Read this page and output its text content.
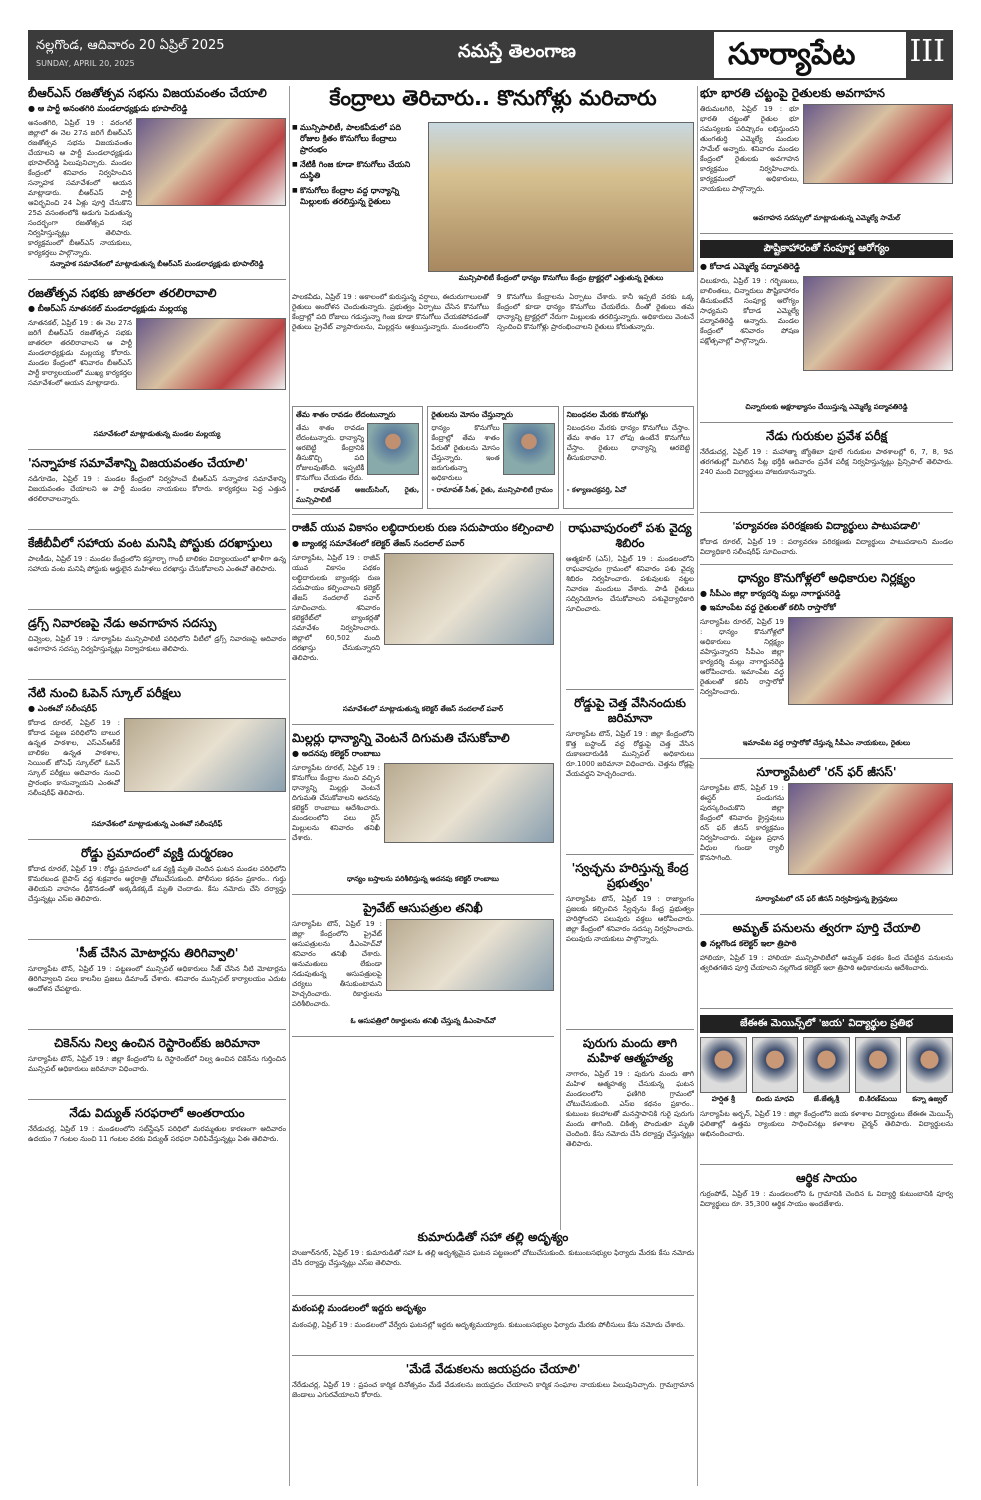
నల్లగొండ, ఆదివారం 20 ఏప్రిల్ 2025
SUNDAY, APRIL 20, 2025
నమస్తే తెలంగాణ	సూర్యాపేట III
బీఆర్ఎస్ రజతోత్సవ సభను విజయవంతం చేయాలి
● ఆ పార్టీ అనంతగిరి మండలాధ్యక్షుడు భూపాల్‌రెడ్డి
అనంతగిరి, ఏప్రిల్ 19 : వరంగల్ జిల్లాలో ఈ నెల 27న జరిగే బీఆర్ఎస్ రజతోత్సవ సభను విజయవంతం చేయాలని ఆ పార్టీ మండలాధ్యక్షుడు భూపాల్‌రెడ్డి పిలుపునిచ్చారు. మండల కేంద్రంలో శనివారం నిర్వహించిన సన్నాహక సమావేశంలో ఆయన మాట్లాడారు. బీఆర్ఎస్ పార్టీ ఆవిర్భవించి 24 ఏళ్లు పూర్తి చేసుకొని 25వ వసంతంలోకి అడుగు పెడుతున్న సందర్భంగా రజతోత్సవ సభ నిర్వహిస్తున్నట్లు తెలిపారు. కార్యక్రమంలో బీఆర్ఎస్ నాయకులు, కార్యకర్తలు పాల్గొన్నారు.
సన్నాహక సమావేశంలో మాట్లాడుతున్న బీఆర్ఎస్ మండలాధ్యక్షుడు భూపాల్‌రెడ్డి
రజతోత్సవ సభకు జాతరలా తరలిరావాలి
● బీఆర్ఎస్ నూతనకల్ మండలాధ్యక్షుడు మల్లయ్య
నూతనకల్, ఏప్రిల్ 19 : ఈ నెల 27న జరిగే బీఆర్ఎస్ రజతోత్సవ సభకు జాతరలా తరలిరావాలని ఆ పార్టీ మండలాధ్యక్షుడు మల్లయ్య కోరారు. మండల కేంద్రంలో శనివారం బీఆర్ఎస్ పార్టీ కార్యాలయంలో ముఖ్య కార్యకర్తల సమావేశంలో ఆయన మాట్లాడారు.
సమావేశంలో మాట్లాడుతున్న మండల మల్లయ్య
'సన్నాహక సమావేశాన్ని విజయవంతం చేయాలి'
నడిగూడెం, ఏప్రిల్ 19 : మండల కేంద్రంలో నిర్వహించే బీఆర్ఎస్ సన్నాహక సమావేశాన్ని విజయవంతం చేయాలని ఆ పార్టీ మండల నాయకులు కోరారు. కార్యకర్తలు పెద్ద ఎత్తున తరలిరావాలన్నారు.
కేజీబీవీలో సహాయ వంట మనిషి పోస్టుకు దరఖాస్తులు
పాలకీడు, ఏప్రిల్ 19 : మండల కేంద్రంలోని కస్తూర్బా గాంధీ బాలికల విద్యాలయంలో ఖాళీగా ఉన్న సహాయ వంట మనిషి పోస్టుకు అర్హులైన మహిళలు దరఖాస్తు చేసుకోవాలని ఎంఈవో తెలిపారు.
డ్రగ్స్ నివారణపై నేడు అవగాహన సదస్సు
చివ్వెంల, ఏప్రిల్ 19 : సూర్యాపేట మున్సిపాలిటీ పరిధిలోని వీటీలో డ్రగ్స్ నివారణపై ఆదివారం అవగాహన సదస్సు నిర్వహిస్తున్నట్లు నిర్వాహకులు తెలిపారు.
నేటి నుంచి ఓపెన్ స్కూల్ పరీక్షలు
● ఎంఈవో సలీంషరీఫ్
కోదాడ రూరల్, ఏప్రిల్ 19 : కోదాడ పట్టణ పరిధిలోని బాలుర ఉన్నత పాఠశాల, ఎస్ఎన్ఆర్‌కే బాలికల ఉన్నత పాఠశాల, సెయింట్ జోసెఫ్ స్కూల్‌లో ఓపెన్ స్కూల్ పరీక్షలు ఆదివారం నుంచి ప్రారంభం కానున్నాయని ఎంఈవో సలీంషరీఫ్ తెలిపారు.
సమావేశంలో మాట్లాడుతున్న ఎంఈవో సలీంషరీఫ్
రోడ్డు ప్రమాదంలో వ్యక్తి దుర్మరణం
కోదాడ రూరల్, ఏప్రిల్ 19 : రోడ్డు ప్రమాదంలో ఒక వ్యక్తి మృతి చెందిన ఘటన మండల పరిధిలోని కొమరబండ బైపాస్ వద్ద శుక్రవారం అర్ధరాత్రి చోటుచేసుకుంది. పోలీసుల కథనం ప్రకారం.. గుర్తు తెలియని వాహనం ఢీకొనడంతో అక్కడికక్కడే మృతి చెందాడు. కేసు నమోదు చేసి దర్యాప్తు చేస్తున్నట్లు ఎస్ఐ తెలిపారు.
'సీజ్ చేసిన మోటార్లను తిరిగివ్వాలి'
సూర్యాపేట టౌన్, ఏప్రిల్ 19 : పట్టణంలో మున్సిపల్ అధికారులు సీజ్ చేసిన నీటి మోటార్లను తిరిగివ్వాలని పలు కాలనీల ప్రజలు డిమాండ్ చేశారు. శనివారం మున్సిపల్ కార్యాలయం ఎదుట ఆందోళన చేపట్టారు.
చికెన్‌ను నిల్వ ఉంచిన రెస్టారెంట్‌కు జరిమానా
సూర్యాపేట టౌన్, ఏప్రిల్ 19 : జిల్లా కేంద్రంలోని ఓ రెస్టారెంట్‌లో నిల్వ ఉంచిన చికెన్‌ను గుర్తించిన మున్సిపల్ అధికారులు జరిమానా విధించారు.
నేడు విద్యుత్ సరఫరాలో అంతరాయం
నేరేడుచర్ల, ఏప్రిల్ 19 : మండలంలోని సబ్‌స్టేషన్ పరిధిలో మరమ్మతుల కారణంగా ఆదివారం ఉదయం 7 గంటల నుంచి 11 గంటల వరకు విద్యుత్ సరఫరా నిలిపివేస్తున్నట్లు ఏఈ తెలిపారు.
కేంద్రాలు తెరిచారు.. కొనుగోళ్లు మరిచారు
■ మున్సిపాలిటీ, పాలకవీడులో పది రోజుల క్రితం కొనుగోలు కేంద్రాలు ప్రారంభం
■ నేటికీ గింజ కూడా కొనుగోలు చేయని దుస్థితి
■ కొనుగోలు కేంద్రాల వద్ద ధాన్యాన్ని మిల్లులకు తరలిస్తున్న రైతులు
మున్సిపాలిటీ కేంద్రంలో ధాన్యం కొనుగోలు కేంద్రం ట్రాక్టర్లలో ఎత్తుతున్న రైతులు
పాలకవీడు, ఏప్రిల్ 19 : అకాలంలో కురుస్తున్న వర్షాలు, ఈదురుగాలులతో రైతులు ఆందోళన చెందుతున్నారు. ప్రభుత్వం ఏర్పాటు చేసిన కొనుగోలు కేంద్రాల్లో పది రోజులు గడుస్తున్నా గింజ కూడా కొనుగోలు చేయకపోవడంతో రైతులు ప్రైవేట్ వ్యాపారులను, మిల్లర్లను ఆశ్రయిస్తున్నారు. మండలంలోని 9 కొనుగోలు కేంద్రాలను ఏర్పాటు చేశారు. కానీ ఇప్పటి వరకు ఒక్క కేంద్రంలో కూడా ధాన్యం కొనుగోలు చేయలేదు. దీంతో రైతులు తమ ధాన్యాన్ని ట్రాక్టర్లలో నేరుగా మిల్లులకు తరలిస్తున్నారు. అధికారులు వెంటనే స్పందించి కొనుగోళ్లు ప్రారంభించాలని రైతులు కోరుతున్నారు.
తేమ శాతం రావడం లేదంటున్నారు
తేమ శాతం రావడం లేదంటున్నారు. ధాన్యాన్ని ఆరబెట్టి కేంద్రానికి తీసుకొచ్చి పది రోజులవుతోంది. ఇప్పటికీ కొనుగోలు చేయడం లేదు.
- రామావత్ అజయ్‌సింగ్, రైతు, మున్సిపాలిటీ
రైతులను మోసం చేస్తున్నారు
ధాన్యం కొనుగోలు కేంద్రాల్లో తేమ శాతం పేరుతో రైతులను మోసం చేస్తున్నారు. ఇంత జరుగుతున్నా అధికారులు
- రామావత్ సీత, రైతు, మున్సిపాలిటీ గ్రామం
నిబంధనల మేరకు కొనుగోళ్లు
నిబంధనల మేరకు ధాన్యం కొనుగోలు చేస్తాం. తేమ శాతం 17 లోపు ఉంటేనే కొనుగోలు చేస్తాం. రైతులు ధాన్యాన్ని ఆరబెట్టి తీసుకురావాలి.
- కళ్యాణచక్రవర్తి, ఏవో
రాజీవ్ యువ వికాసం లబ్ధిదారులకు రుణ సదుపాయం కల్పించాలి
● బ్యాంకర్ల సమావేశంలో కలెక్టర్ తేజస్ నందలాల్ పవార్
సూర్యాపేట, ఏప్రిల్ 19 : రాజీవ్ యువ వికాసం పథకం లబ్ధిదారులకు బ్యాంకర్లు రుణ సదుపాయం కల్పించాలని కలెక్టర్ తేజస్ నందలాల్ పవార్ సూచించారు. శనివారం కలెక్టరేట్‌లో బ్యాంకర్లతో సమావేశం నిర్వహించారు. జిల్లాలో 60,502 మంది దరఖాస్తు చేసుకున్నారని తెలిపారు.
సమావేశంలో మాట్లాడుతున్న కలెక్టర్ తేజస్ నందలాల్ పవార్
మిల్లర్లు ధాన్యాన్ని వెంటనే దిగుమతి చేసుకోవాలి
● అదనపు కలెక్టర్ రాంబాబు
సూర్యాపేట రూరల్, ఏప్రిల్ 19 : కొనుగోలు కేంద్రాల నుంచి వచ్చిన ధాన్యాన్ని మిల్లర్లు వెంటనే దిగుమతి చేసుకోవాలని అదనపు కలెక్టర్ రాంబాబు ఆదేశించారు. మండలంలోని పలు రైస్ మిల్లులను శనివారం తనిఖీ చేశారు.
ధాన్యం బస్తాలను పరిశీలిస్తున్న అదనపు కలెక్టర్ రాంబాబు
ప్రైవేట్ ఆసుపత్రుల తనిఖీ
సూర్యాపేట టౌన్, ఏప్రిల్ 19 : జిల్లా కేంద్రంలోని ప్రైవేట్ ఆసుపత్రులను డీఎంహెచ్‌వో శనివారం తనిఖీ చేశారు. అనుమతులు లేకుండా నడుపుతున్న ఆసుపత్రులపై చర్యలు తీసుకుంటామని హెచ్చరించారు. రికార్డులను పరిశీలించారు.
ఓ ఆసుపత్రిలో రికార్డులను తనిఖీ చేస్తున్న డీఎంహెచ్‌వో
రాఘవాపురంలో పశు వైద్య శిబిరం
ఆత్మకూర్ (ఎస్), ఏప్రిల్ 19 : మండలంలోని రాఘవాపురం గ్రామంలో శనివారం పశు వైద్య శిబిరం నిర్వహించారు. పశువులకు నట్టల నివారణ మందులు వేశారు. పాడి రైతులు సద్వినియోగం చేసుకోవాలని పశువైద్యాధికారి సూచించారు.
రోడ్డుపై చెత్త వేసినందుకు జరిమానా
సూర్యాపేట టౌన్, ఏప్రిల్ 19 : జిల్లా కేంద్రంలోని కొత్త బస్టాండ్ వద్ద రోడ్డుపై చెత్త వేసిన దుకాణదారుడికి మున్సిపల్ అధికారులు రూ.1000 జరిమానా విధించారు. చెత్తను రోడ్లపై వేయవద్దని హెచ్చరించారు.
'స్వచ్ఛను హరిస్తున్న కేంద్ర ప్రభుత్వం'
సూర్యాపేట టౌన్, ఏప్రిల్ 19 : రాజ్యాంగం ప్రజలకు కల్పించిన స్వేచ్ఛను కేంద్ర ప్రభుత్వం హరిస్తోందని పలువురు వక్తలు ఆరోపించారు. జిల్లా కేంద్రంలో శనివారం సదస్సు నిర్వహించారు. పలువురు నాయకులు పాల్గొన్నారు.
పురుగు మందు తాగి మహిళ ఆత్మహత్య
నాగారం, ఏప్రిల్ 19 : పురుగు మందు తాగి మహిళ ఆత్మహత్య చేసుకున్న ఘటన మండలంలోని ఫణిగిరి గ్రామంలో చోటుచేసుకుంది. ఎస్ఐ కథనం ప్రకారం.. కుటుంబ కలహాలతో మనస్తాపానికి గురై పురుగు మందు తాగింది. చికిత్స పొందుతూ మృతి చెందింది. కేసు నమోదు చేసి దర్యాప్తు చేస్తున్నట్లు తెలిపారు.
కుమారుడితో సహా తల్లి అదృశ్యం
హుజూర్‌నగర్, ఏప్రిల్ 19 : కుమారుడితో సహా ఓ తల్లి అదృశ్యమైన ఘటన పట్టణంలో చోటుచేసుకుంది. కుటుంబసభ్యుల ఫిర్యాదు మేరకు కేసు నమోదు చేసి దర్యాప్తు చేస్తున్నట్లు ఎస్ఐ తెలిపారు.
మఠంపల్లి మండలంలో ఇద్దరు అదృశ్యం
మఠంపల్లి, ఏప్రిల్ 19 : మండలంలో వేర్వేరు ఘటనల్లో ఇద్దరు అదృశ్యమయ్యారు. కుటుంబసభ్యుల ఫిర్యాదు మేరకు పోలీసులు కేసు నమోదు చేశారు.
'మేడే వేడుకలను జయప్రదం చేయాలి'
నేరేడుచర్ల, ఏప్రిల్ 19 : ప్రపంచ కార్మిక దినోత్సవం మేడే వేడుకలను జయప్రదం చేయాలని కార్మిక సంఘాల నాయకులు పిలుపునిచ్చారు. గ్రామగ్రామాన జెండాలు ఎగురవేయాలని కోరారు.
భూ భారతి చట్టంపై రైతులకు అవగాహన
తిరుమలగిరి, ఏప్రిల్ 19 : భూ భారతి చట్టంతో రైతుల భూ సమస్యలకు పరిష్కారం లభిస్తుందని తుంగతుర్తి ఎమ్మెల్యే మందుల సామేల్ అన్నారు. శనివారం మండల కేంద్రంలో రైతులకు అవగాహన కార్యక్రమం నిర్వహించారు. కార్యక్రమంలో అధికారులు, నాయకులు పాల్గొన్నారు.
అవగాహన సదస్సులో మాట్లాడుతున్న ఎమ్మెల్యే సామేల్
పౌష్టికాహారంతో సంపూర్ణ ఆరోగ్యం
● కోదాడ ఎమ్మెల్యే పద్మావతిరెడ్డి
చిలుకూరు, ఏప్రిల్ 19 : గర్భిణులు, బాలింతలు, చిన్నారులు పౌష్టికాహారం తీసుకుంటేనే సంపూర్ణ ఆరోగ్యం సాధ్యమని కోదాడ ఎమ్మెల్యే పద్మావతిరెడ్డి అన్నారు. మండల కేంద్రంలో శనివారం పోషణ పక్షోత్సవాల్లో పాల్గొన్నారు.
చిన్నారులకు అక్షరాభ్యాసం చేయిస్తున్న ఎమ్మెల్యే పద్మావతిరెడ్డి
నేడు గురుకుల ప్రవేశ పరీక్ష
నేరేడుచర్ల, ఏప్రిల్ 19 : మహాత్మా జ్యోతిబా ఫూలే గురుకుల పాఠశాలల్లో 6, 7, 8, 9వ తరగతుల్లో మిగిలిన సీట్ల భర్తీకి ఆదివారం ప్రవేశ పరీక్ష నిర్వహిస్తున్నట్లు ప్రిన్సిపాల్ తెలిపారు. 240 మంది విద్యార్థులు హాజరుకానున్నారు.
'పర్యావరణ పరిరక్షణకు విద్యార్థులు పాటుపడాలి'
కోదాడ రూరల్, ఏప్రిల్ 19 : పర్యావరణ పరిరక్షణకు విద్యార్థులు పాటుపడాలని మండల విద్యాధికారి సలీంషరీఫ్ సూచించారు.
ధాన్యం కొనుగోళ్లలో అధికారుల నిర్లక్ష్యం
● సీపీఎం జిల్లా కార్యదర్శి మల్లు నాగార్జునరెడ్డి
● ఇమాంపేట వద్ద రైతులతో కలిసి రాస్తారోకో
సూర్యాపేట రూరల్, ఏప్రిల్ 19 : ధాన్యం కొనుగోళ్లలో అధికారులు నిర్లక్ష్యం వహిస్తున్నారని సీపీఎం జిల్లా కార్యదర్శి మల్లు నాగార్జునరెడ్డి ఆరోపించారు. ఇమాంపేట వద్ద రైతులతో కలిసి రాస్తారోకో నిర్వహించారు.
ఇమాంపేట వద్ద రాస్తారోకో చేస్తున్న సీపీఎం నాయకులు, రైతులు
సూర్యాపేటలో 'రన్ ఫర్ జీసస్'
సూర్యాపేట టౌన్, ఏప్రిల్ 19 : ఈస్టర్ పండుగను పురస్కరించుకొని జిల్లా కేంద్రంలో శనివారం క్రైస్తవులు రన్ ఫర్ జీసస్ కార్యక్రమం నిర్వహించారు. పట్టణ ప్రధాన వీధుల గుండా ర్యాలీ కొనసాగింది.
సూర్యాపేటలో రన్ ఫర్ జీసస్ నిర్వహిస్తున్న క్రైస్తవులు
అమృత్ పనులను త్వరగా పూర్తి చేయాలి
● నల్లగొండ కలెక్టర్ ఇలా త్రిపాఠి
హాలియా, ఏప్రిల్ 19 : హాలియా మున్సిపాలిటీలో అమృత్ పథకం కింద చేపట్టిన పనులను త్వరితగతిన పూర్తి చేయాలని నల్లగొండ కలెక్టర్ ఇలా త్రిపాఠి అధికారులను ఆదేశించారు.
జేఈఈ మెయిన్స్‌లో 'జయ' విద్యార్థుల ప్రతిభ
హర్షిత శ్రీ	బిందు మాధవి	జే.జేత్కశ్రీ	బి.కిరణ్‌మయి	కన్నా ఉజ్వల్
సూర్యాపేట అర్బన్, ఏప్రిల్ 19 : జిల్లా కేంద్రంలోని జయ కళాశాల విద్యార్థులు జేఈఈ మెయిన్స్ ఫలితాల్లో ఉత్తమ ర్యాంకులు సాధించినట్లు కళాశాల చైర్మన్ తెలిపారు. విద్యార్థులను అభినందించారు.
ఆర్థిక సాయం
గుర్రంపోడ్, ఏప్రిల్ 19 : మండలంలోని ఓ గ్రామానికి చెందిన ఓ విద్యార్థి కుటుంబానికి పూర్వ విద్యార్థులు రూ. 35,300 ఆర్థిక సాయం అందజేశారు.
